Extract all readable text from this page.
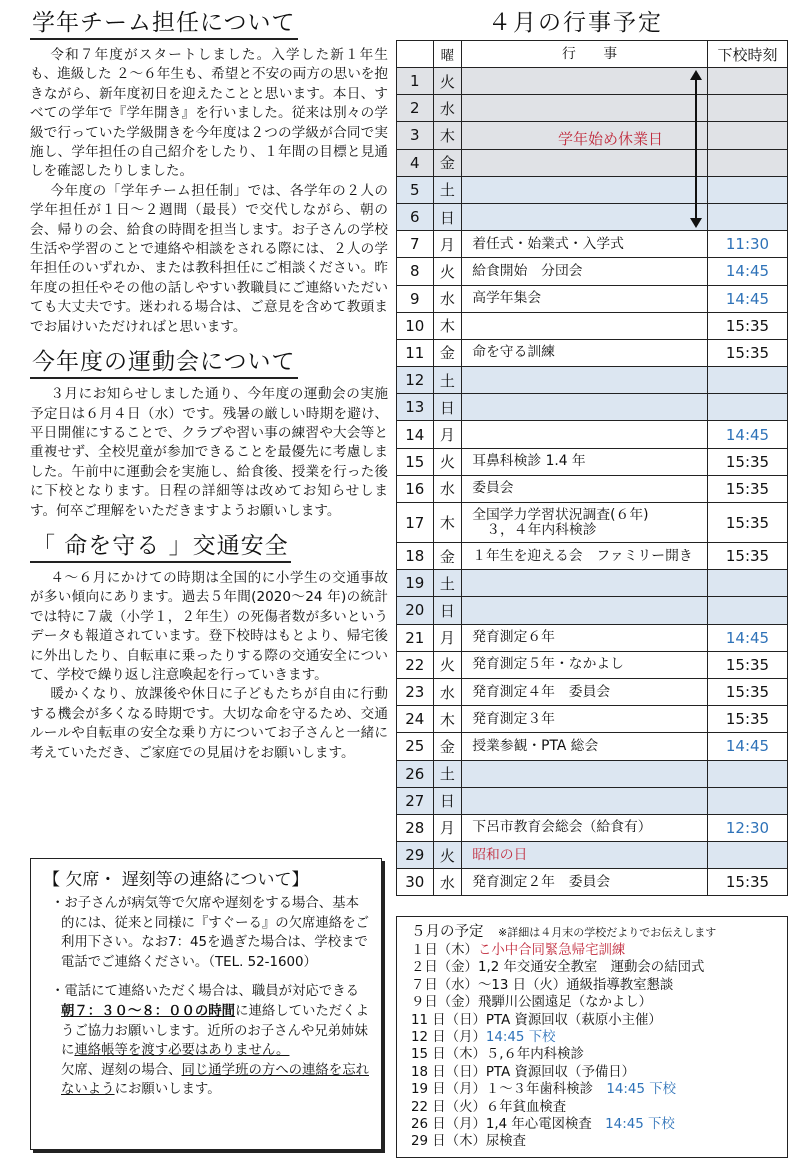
学年チーム担任について

令和７年度がスタートしました。入学した新１年生も、進級した ２～６年生も、希望と不安の両方の思いを抱きながら、新年度初日を迎えたことと思います。本日、すべての学年で『学年開き』を行いました。従来は別々の学級で行っていた学級開きを今年度は２つの学級が合同で実施し、学年担任の自己紹介をしたり、１年間の目標と見通しを確認したりしました。

今年度の「学年チーム担任制」では、各学年の２人の学年担任が１日～２週間（最長）で交代しながら、朝の会、帰りの会、給食の時間を担当します。お子さんの学校生活や学習のことで連絡や相談をされる際には、２人の学年担任のいずれか、または教科担任にご相談ください。昨年度の担任やその他の話しやすい教職員にご連絡いただいても大丈夫です。迷われる場合は、ご意見を含めて教頭までお届けいただければと思います。

今年度の運動会について

３月にお知らせしました通り、今年度の運動会の実施予定日は６月４日（水）です。残暑の厳しい時期を避け、平日開催にすることで、クラブや習い事の練習や大会等と重複せず、全校児童が参加できることを最優先に考慮しました。午前中に運動会を実施し、給食後、授業を行った後に下校となります。日程の詳細等は改めてお知らせします。何卒ご理解をいただきますようお願いします。

「 命を守る 」交通安全

４～６月にかけての時期は全国的に小学生の交通事故が多い傾向にあります。過去５年間(2020～24 年)の統計では特に７歳（小学１，２年生）の死傷者数が多いというデータも報道されています。登下校時はもとより、帰宅後に外出したり、自転車に乗ったりする際の交通安全について、学校で繰り返し注意喚起を行っていきます。

暖かくなり、放課後や休日に子どもたちが自由に行動する機会が多くなる時期です。大切な命を守るため、交通ルールや自転車の安全な乗り方についてお子さんと一緒に考えていただき、ご家庭での見届けをお願いします。

【 欠席・ 遅刻等の連絡について】
・お子さんが病気等で欠席や遅刻をする場合、基本的には、従来と同様に『すぐーる』の欠席連絡をご利用下さい。なお7：45を過ぎた場合は、学校まで電話でご連絡ください。（TEL. 52-1600）
・電話にて連絡いただく場合は、職員が対応できる 朝７：３０～８：００の時間に連絡していただくようご協力お願いします。近所のお子さんや兄弟姉妹に連絡帳等を渡す必要はありません。
欠席、遅刻の場合、同じ通学班の方への連絡を忘れないようにお願いします。
４月の行事予定
	曜	行　　事	下校時刻
1	火		
2	水		
3	木		
4	金		
5	土		
6	日		
7	月	着任式・始業式・入学式	11:30
8	火	給食開始　分団会	14:45
9	水	高学年集会	14:45
10	木		15:35
11	金	命を守る訓練	15:35
12	土		
13	日		
14	月		14:45
15	火	耳鼻科検診 1.4 年	15:35
16	水	委員会	15:35
17	木	全国学力学習状況調査(６年)
３，４年内科検診	15:35
18	金	１年生を迎える会　ファミリー開き	15:35
19	土		
20	日		
21	月	発育測定６年	14:45
22	火	発育測定５年・なかよし	15:35
23	水	発育測定４年　委員会	15:35
24	木	発育測定３年	15:35
25	金	授業参観・PTA 総会	14:45
26	土		
27	日		
28	月	下呂市教育会総会（給食有）	12:30
29	火	昭和の日	
30	水	発育測定２年　委員会	15:35
学年始め休業日
５月の予定　 ※詳細は４月末の学校だよりでお伝えします
１日（木）こ小中合同緊急帰宅訓練
２日（金）1,2 年交通安全教室　運動会の結団式
７日（水）～13 日（火）通級指導教室懇談
９日（金）飛騨川公園遠足（なかよし）
11 日（日）PTA 資源回収（萩原小主催）
12 日（月）14:45 下校
15 日（木）５,６年内科検診
18 日（日）PTA 資源回収（予備日）
19 日（月）１～３年歯科検診　14:45 下校
22 日（火）６年貧血検査
26 日（月）1,4 年心電図検査　14:45 下校
29 日（木）尿検査
